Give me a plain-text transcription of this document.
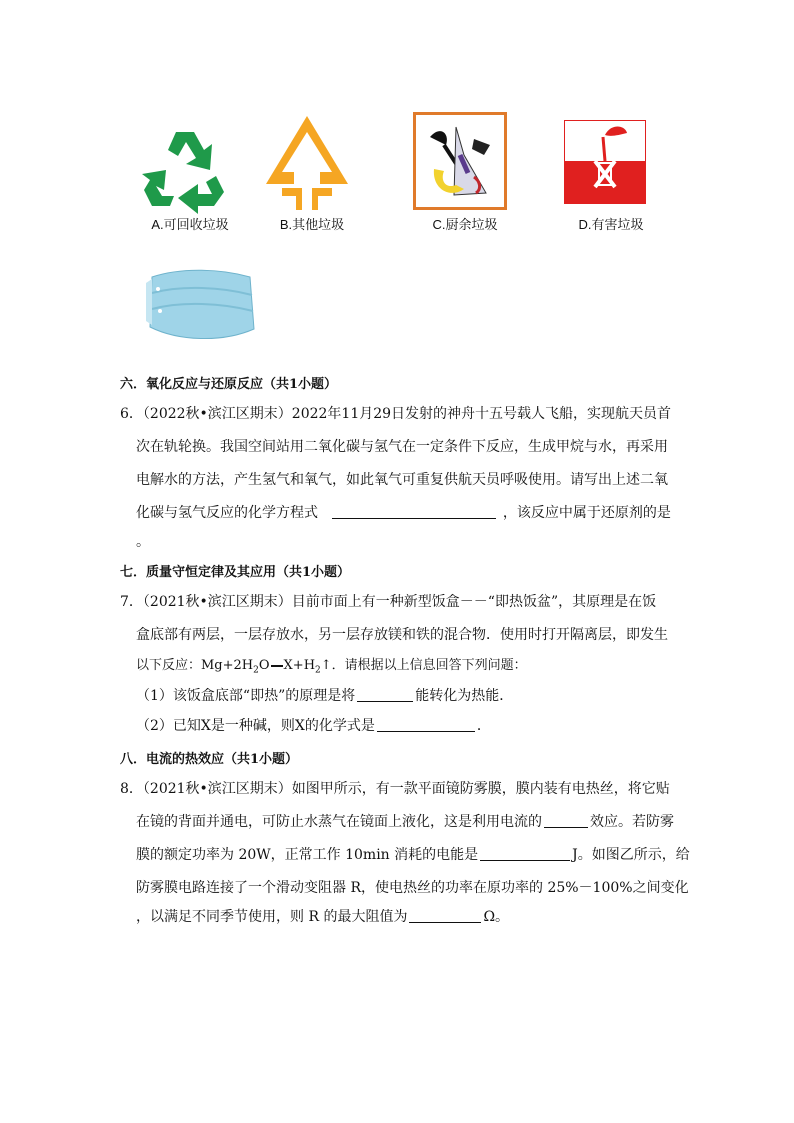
A.可回收垃圾	B.其他垃圾	C.厨余垃圾	D.有害垃圾
六．氧化反应与还原反应（共1小题）
6．（2022秋•滨江区期末）2022年11月29日发射的神舟十五号载人飞船，实现航天员首
次在轨轮换。我国空间站用二氧化碳与氢气在一定条件下反应，生成甲烷与水，再采用
电解水的方法，产生氢气和氧气，如此氧气可重复供航天员呼吸使用。请写出上述二氧
化碳与氢气反应的化学方程式	，该反应中属于还原剂的是
。
七．质量守恒定律及其应用（共1小题）
7．（2021秋•滨江区期末）目前市面上有一种新型饭盒－－“即热饭盆”，其原理是在饭
盒底部有两层，一层存放水，另一层存放镁和铁的混合物．使用时打开隔离层，即发生
以下反应：$Mg+2H_2O$ $X+H_2↑$．请根据以上信息回答下列问题：
（1）该饭盒底部“即热”的原理是将	能转化为热能．
（2）已知X是一种碱，则X的化学式是	．
八．电流的热效应（共1小题）
8．（2021秋•滨江区期末）如图甲所示，有一款平面镜防雾膜，膜内装有电热丝，将它贴
在镜的背面并通电，可防止水蒸气在镜面上液化，这是利用电流的	效应。若防雾
膜的额定功率为 20W，正常工作 10min 消耗的电能是	J。如图乙所示，给
防雾膜电路连接了一个滑动变阻器 R，使电热丝的功率在原功率的 25%－100%之间变化
，以满足不同季节使用，则 R 的最大阻值为	Ω。
